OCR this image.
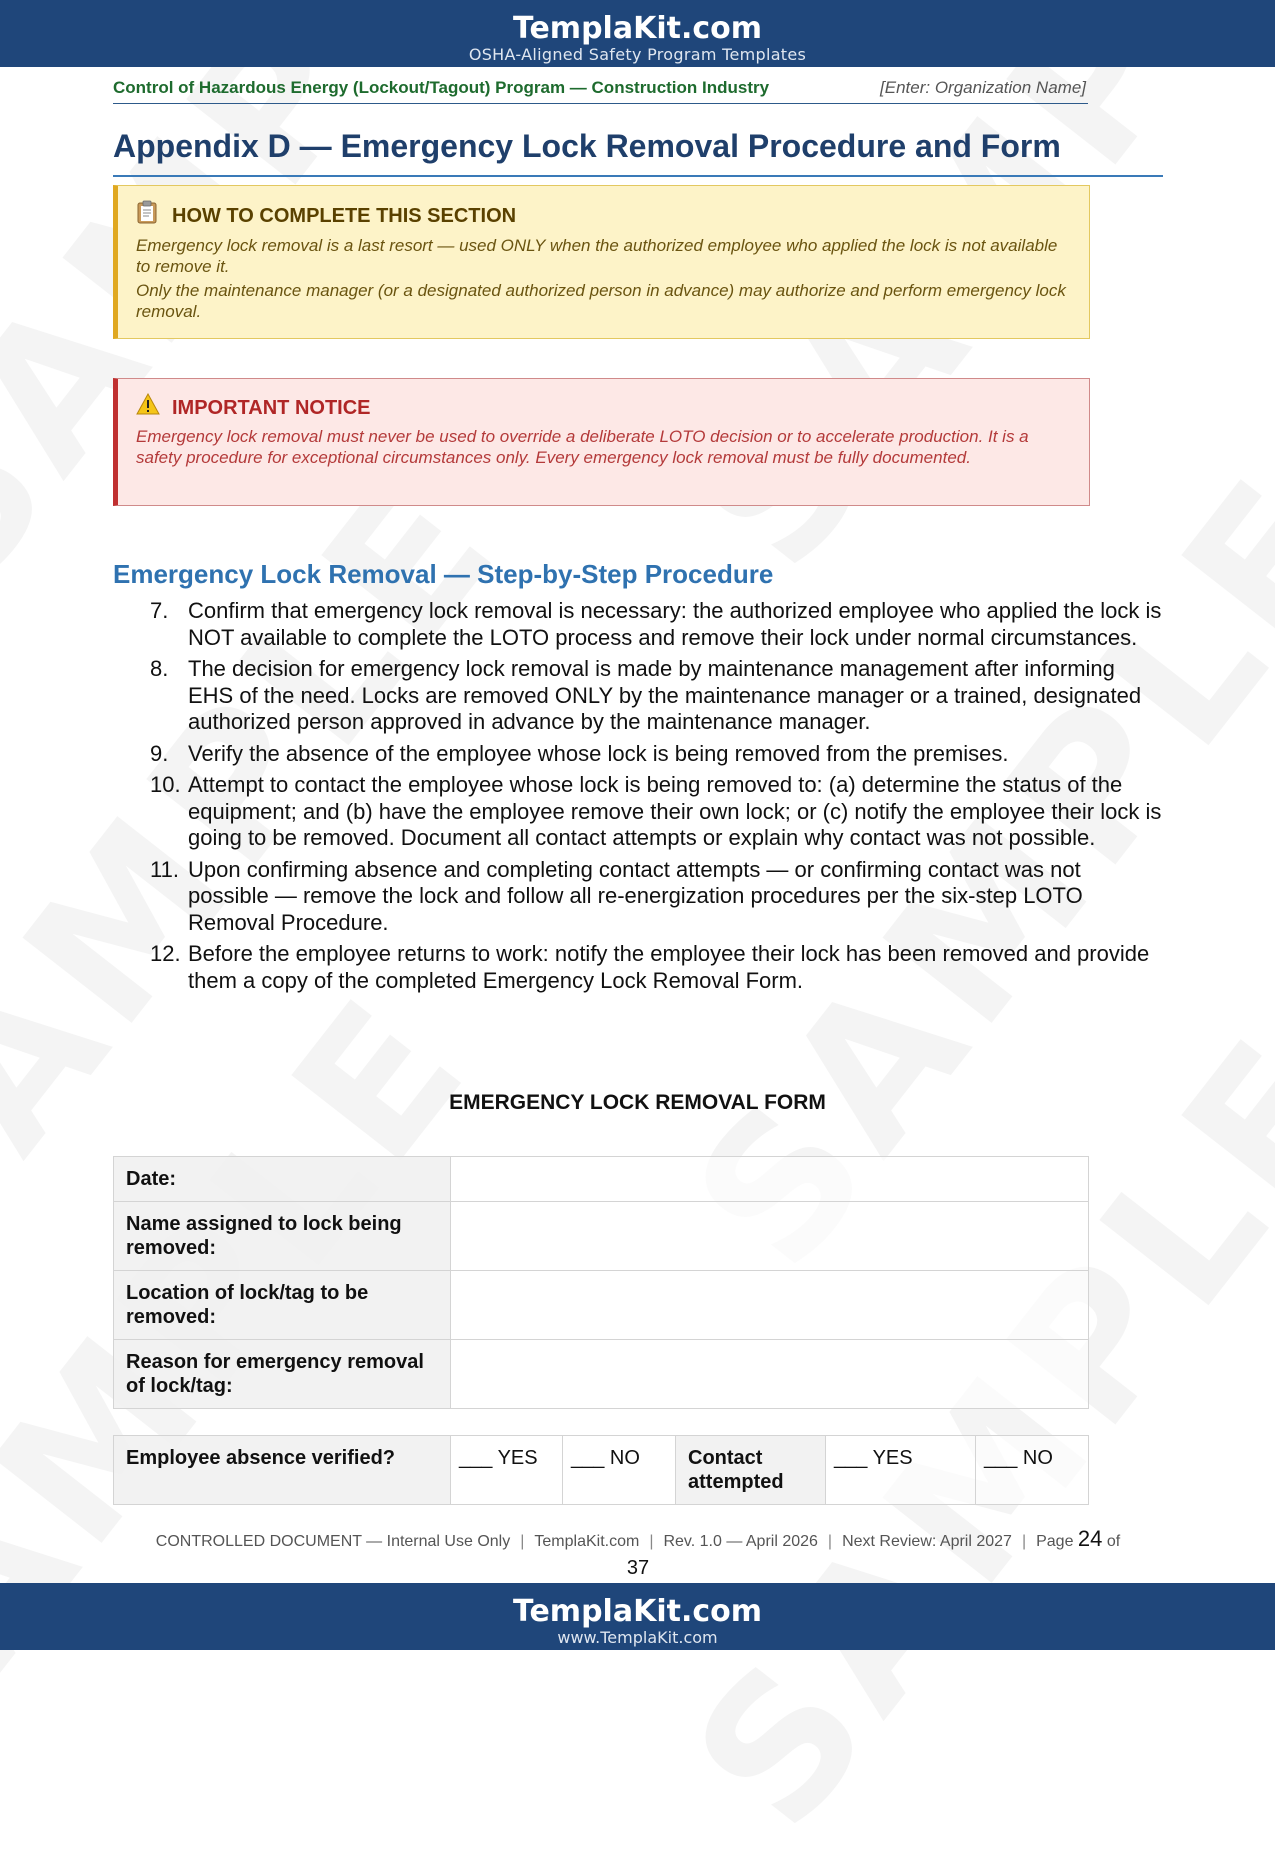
TemplaKit.com
OSHA-Aligned Safety Program Templates
Control of Hazardous Energy (Lockout/Tagout) Program — Construction Industry	[Enter: Organization Name]
Appendix D — Emergency Lock Removal Procedure and Form
HOW TO COMPLETE THIS SECTION

Emergency lock removal is a last resort — used ONLY when the authorized employee who applied the lock is not available to remove it.

Only the maintenance manager (or a designated authorized person in advance) may authorize and perform emergency lock removal.

IMPORTANT NOTICE
Emergency lock removal must never be used to override a deliberate LOTO decision or to accelerate production. It is a safety procedure for exceptional circumstances only. Every emergency lock removal must be fully documented.
Emergency Lock Removal — Step-by-Step Procedure
7. Confirm that emergency lock removal is necessary: the authorized employee who applied the lock is NOT available to complete the LOTO process and remove their lock under normal circumstances.
8. The decision for emergency lock removal is made by maintenance management after informing EHS of the need. Locks are removed ONLY by the maintenance manager or a trained, designated authorized person approved in advance by the maintenance manager.
9. Verify the absence of the employee whose lock is being removed from the premises.
10. Attempt to contact the employee whose lock is being removed to: (a) determine the status of the equipment; and (b) have the employee remove their own lock; or (c) notify the employee their lock is going to be removed. Document all contact attempts or explain why contact was not possible.
11. Upon confirming absence and completing contact attempts — or confirming contact was not possible — remove the lock and follow all re-energization procedures per the six-step LOTO Removal Procedure.
12. Before the employee returns to work: notify the employee their lock has been removed and provide them a copy of the completed Emergency Lock Removal Form.
EMERGENCY LOCK REMOVAL FORM
Date:	
Name assigned to lock being removed:	
Location of lock/tag to be removed:	
Reason for emergency removal of lock/tag:	
Employee absence verified?	___ YES	___ NO	Contact attempted	___ YES	___ NO
CONTROLLED DOCUMENT — Internal Use Only | TemplaKit.com | Rev. 1.0 — April 2026 | Next Review: April 2027 | Page 24 of
37
TemplaKit.com
www.TemplaKit.com
